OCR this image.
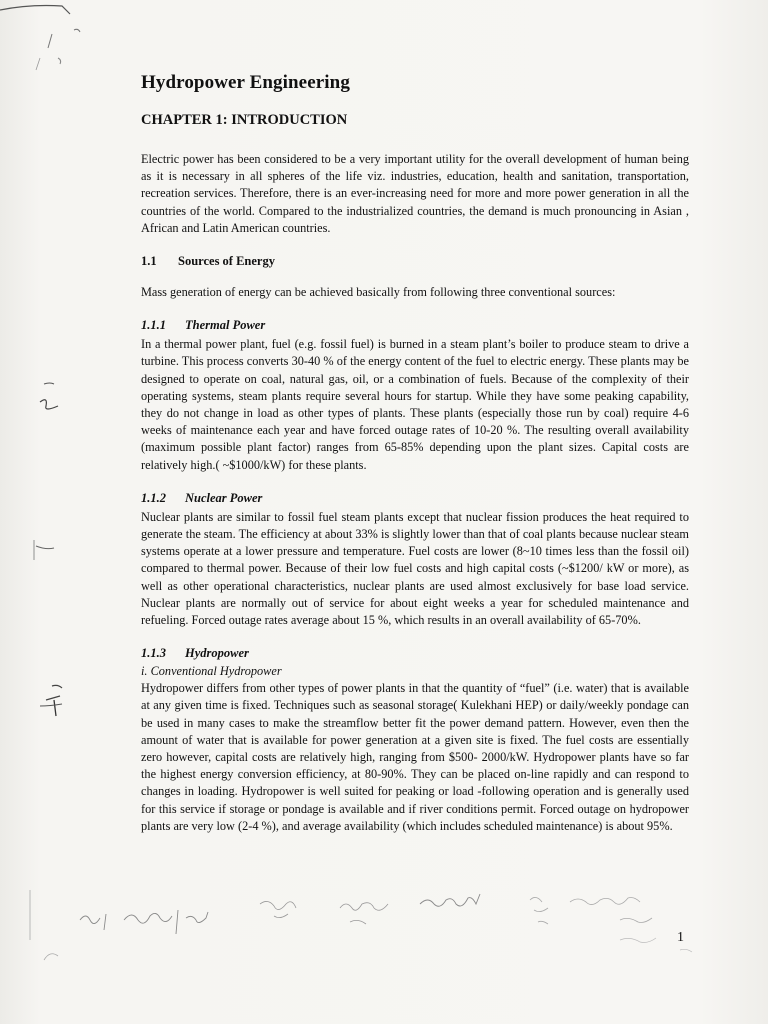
Hydropower Engineering
CHAPTER 1: INTRODUCTION

Electric power has been considered to be a very important utility for the overall development of human being as it is necessary in all spheres of the life viz. industries, education, health and sanitation, transportation, recreation services. Therefore, there is an ever-increasing need for more and more power generation in all the countries of the world. Compared to the industrialized countries, the demand is much pronouncing in Asian , African and Latin American countries.

1.1 Sources of Energy

Mass generation of energy can be achieved basically from following three conventional sources:

1.1.1 Thermal Power

In a thermal power plant, fuel (e.g. fossil fuel) is burned in a steam plant’s boiler to produce steam to drive a turbine. This process converts 30-40 % of the energy content of the fuel to electric energy. These plants may be designed to operate on coal, natural gas, oil, or a combination of fuels. Because of the complexity of their operating systems, steam plants require several hours for startup. While they have some peaking capability, they do not change in load as other types of plants. These plants (especially those run by coal) require 4-6 weeks of maintenance each year and have forced outage rates of 10-20 %. The resulting overall availability (maximum possible plant factor) ranges from 65-85% depending upon the plant sizes. Capital costs are relatively high.( ~$1000/kW) for these plants.

1.1.2 Nuclear Power

Nuclear plants are similar to fossil fuel steam plants except that nuclear fission produces the heat required to generate the steam. The efficiency at about 33% is slightly lower than that of coal plants because nuclear steam systems operate at a lower pressure and temperature. Fuel costs are lower (8~10 times less than the fossil oil) compared to thermal power. Because of their low fuel costs and high capital costs (~$1200/ kW or more), as well as other operational characteristics, nuclear plants are used almost exclusively for base load service. Nuclear plants are normally out of service for about eight weeks a year for scheduled maintenance and refueling. Forced outage rates average about 15 %, which results in an overall availability of 65-70%.

1.1.3 Hydropower
i. Conventional Hydropower

Hydropower differs from other types of power plants in that the quantity of “fuel” (i.e. water) that is available at any given time is fixed. Techniques such as seasonal storage( Kulekhani HEP) or daily/weekly pondage can be used in many cases to make the streamflow better fit the power demand pattern. However, even then the amount of water that is available for power generation at a given site is fixed. The fuel costs are essentially zero however, capital costs are relatively high, ranging from $500- 2000/kW. Hydropower plants have so far the highest energy conversion efficiency, at 80-90%. They can be placed on-line rapidly and can respond to changes in loading. Hydropower is well suited for peaking or load -following operation and is generally used for this service if storage or pondage is available and if river conditions permit. Forced outage on hydropower plants are very low (2-4 %), and average availability (which includes scheduled maintenance) is about 95%.

1
